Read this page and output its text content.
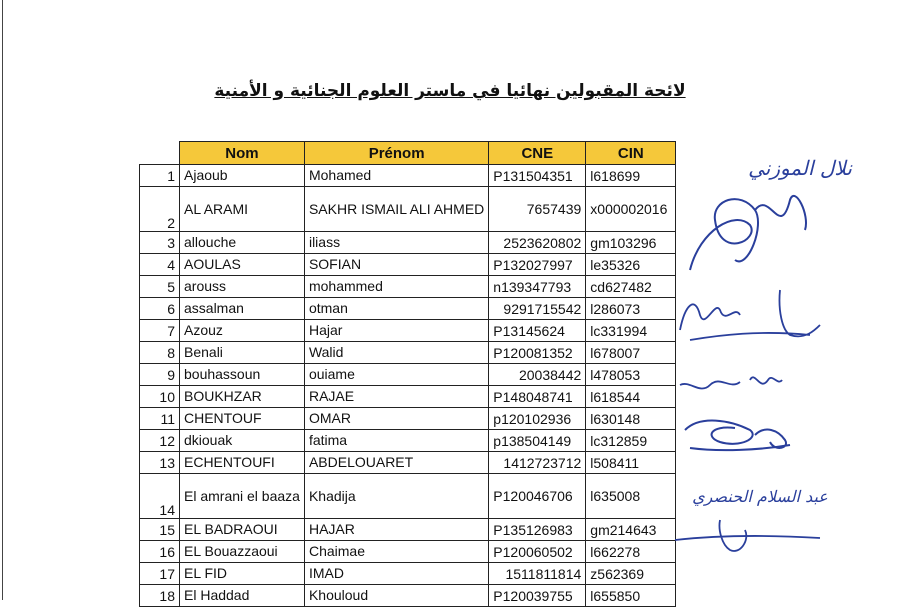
لائحة المقبولين نهائيا في ماستر العلوم الجنائية و الأمنية
	Nom	Prénom	CNE	CIN
1	Ajaoub	Mohamed	P131504351	l618699
2	AL ARAMI	SAKHR ISMAIL ALI AHMED	7657439	x000002016
3	allouche	iliass	2523620802	gm103296
4	AOULAS	SOFIAN	P132027997	le35326
5	arouss	mohammed	n139347793	cd627482
6	assalman	otman	9291715542	l286073
7	Azouz	Hajar	P13145624	lc331994
8	Benali	Walid	P120081352	l678007
9	bouhassoun	ouiame	20038442	l478053
10	BOUKHZAR	RAJAE	P148048741	l618544
11	CHENTOUF	OMAR	p120102936	l630148
12	dkiouak	fatima	p138504149	lc312859
13	ECHENTOUFI	ABDELOUARET	1412723712	l508411
14	El amrani el baaza	Khadija	P120046706	l635008
15	EL BADRAOUI	HAJAR	P135126983	gm214643
16	EL Bouazzaoui	Chaimae	P120060502	l662278
17	EL FID	IMAD	1511811814	z562369
18	El Haddad	Khouloud	P120039755	l655850
نلال الموزني
عبد السلام الحنصري
